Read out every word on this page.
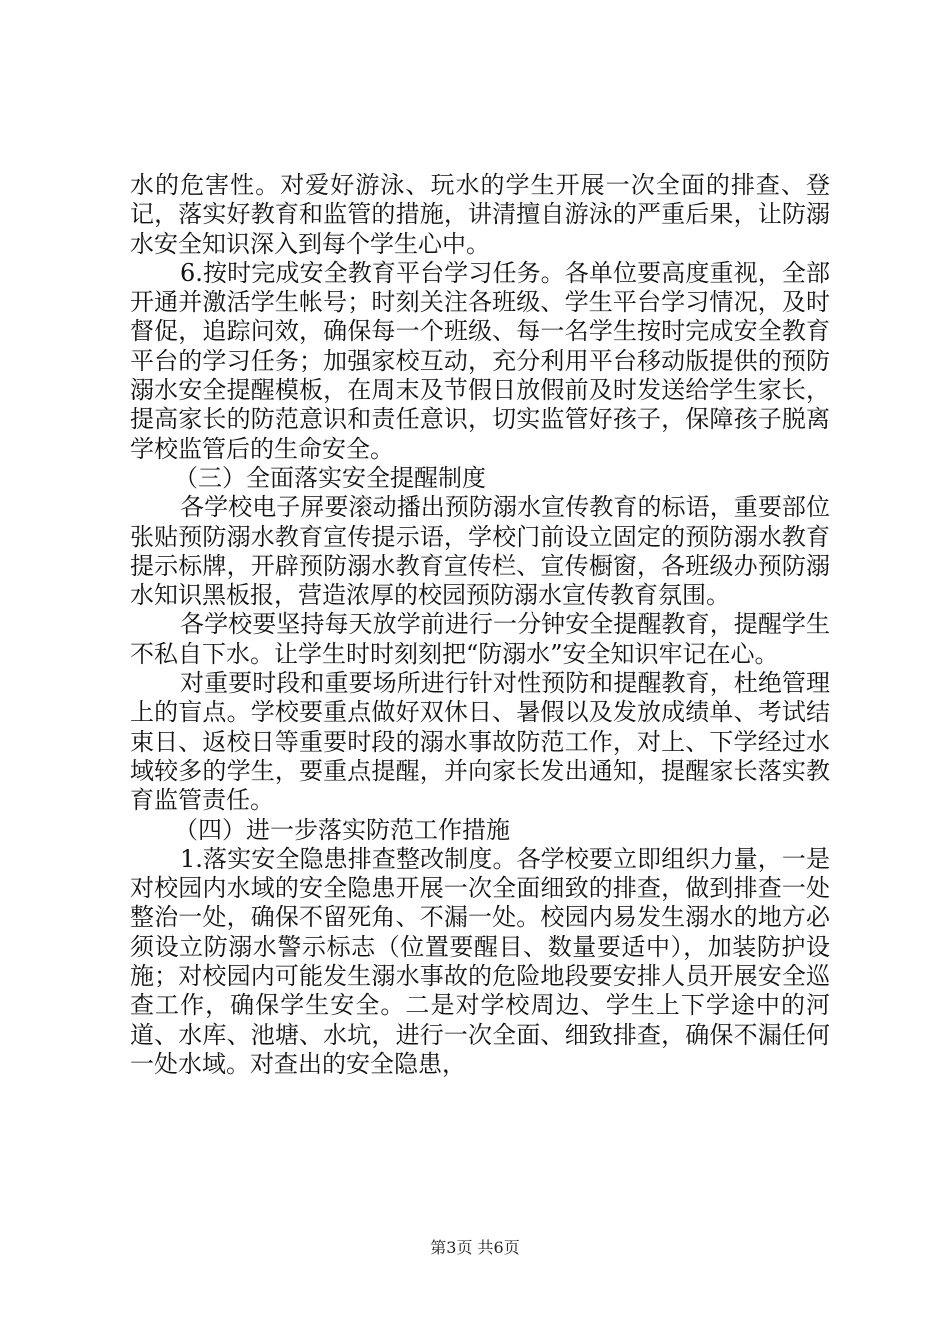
水的危害性。对爱好游泳、玩水的学生开展一次全面的排查、登记，落实好教育和监管的措施，讲清擅自游泳的严重后果，让防溺水安全知识深入到每个学生心中。

6.按时完成安全教育平台学习任务。各单位要高度重视，全部开通并激活学生帐号；时刻关注各班级、学生平台学习情况，及时督促，追踪问效，确保每一个班级、每一名学生按时完成安全教育平台的学习任务；加强家校互动，充分利用平台移动版提供的预防溺水安全提醒模板，在周末及节假日放假前及时发送给学生家长，提高家长的防范意识和责任意识，切实监管好孩子，保障孩子脱离学校监管后的生命安全。

（三）全面落实安全提醒制度

各学校电子屏要滚动播出预防溺水宣传教育的标语，重要部位张贴预防溺水教育宣传提示语，学校门前设立固定的预防溺水教育提示标牌，开辟预防溺水教育宣传栏、宣传橱窗，各班级办预防溺水知识黑板报，营造浓厚的校园预防溺水宣传教育氛围。

各学校要坚持每天放学前进行一分钟安全提醒教育，提醒学生不私自下水。让学生时时刻刻把“防溺水”安全知识牢记在心。

对重要时段和重要场所进行针对性预防和提醒教育，杜绝管理上的盲点。学校要重点做好双休日、暑假以及发放成绩单、考试结束日、返校日等重要时段的溺水事故防范工作，对上、下学经过水域较多的学生，要重点提醒，并向家长发出通知，提醒家长落实教育监管责任。

（四）进一步落实防范工作措施

1.落实安全隐患排查整改制度。各学校要立即组织力量，一是对校园内水域的安全隐患开展一次全面细致的排查，做到排查一处整治一处，确保不留死角、不漏一处。校园内易发生溺水的地方必须设立防溺水警示标志（位置要醒目、数量要适中），加装防护设施；对校园内可能发生溺水事故的危险地段要安排人员开展安全巡查工作，确保学生安全。二是对学校周边、学生上下学途中的河道、水库、池塘、水坑，进行一次全面、细致排查，确保不漏任何一处水域。对查出的安全隐患，

第3页 共6页
